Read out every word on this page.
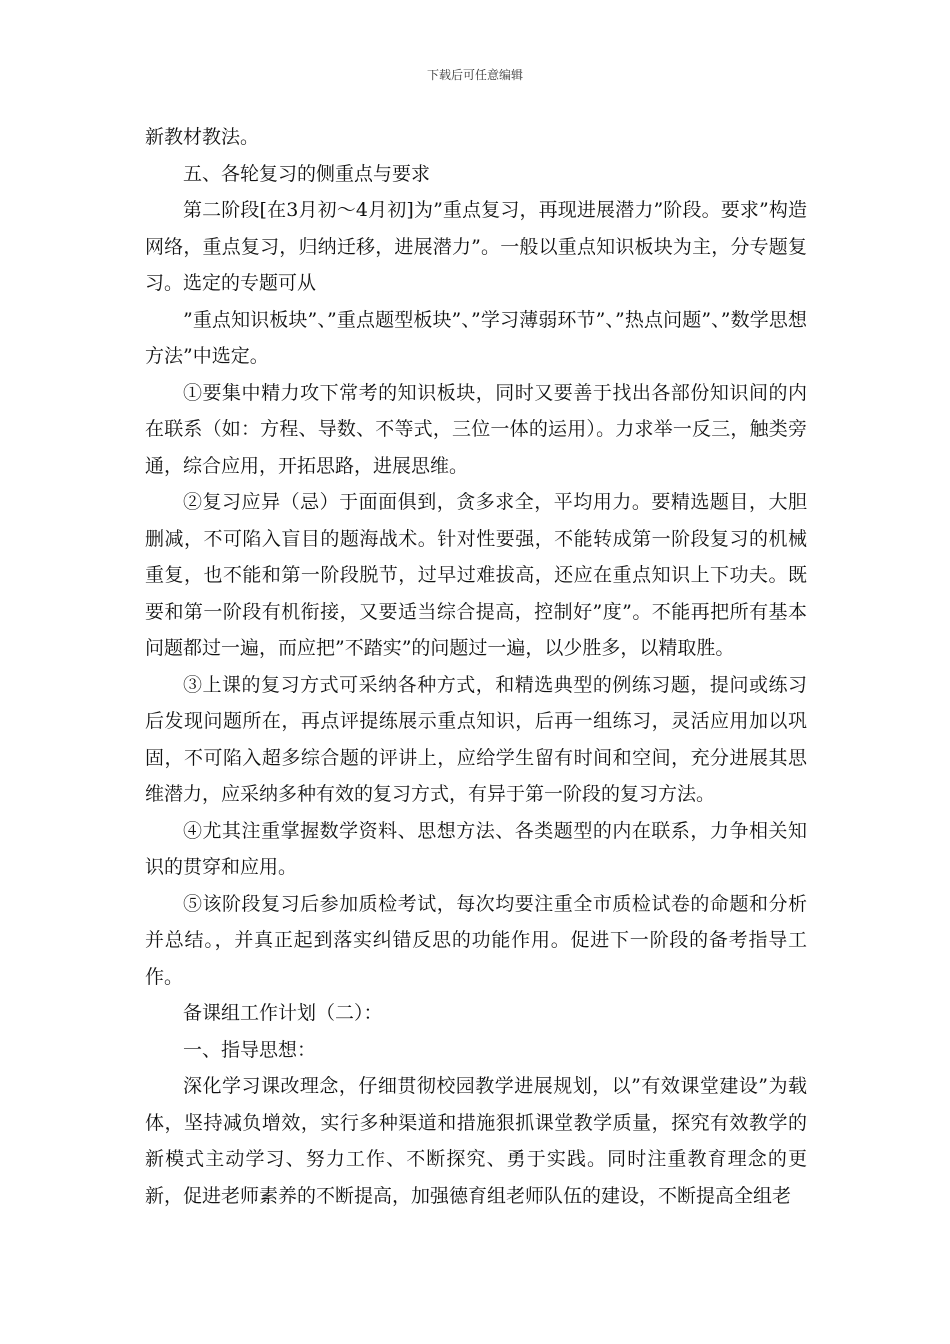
下载后可任意编辑

新教材教法。

五、各轮复习的侧重点与要求

第二阶段[在3月初～4月初]为”重点复习，再现进展潜力”阶段。要求”构造网络，重点复习，归纳迁移，进展潜力”。一般以重点知识板块为主，分专题复习。选定的专题可从

”重点知识板块”、”重点题型板块”、”学习薄弱环节”、”热点问题”、”数学思想方法”中选定。

①要集中精力攻下常考的知识板块，同时又要善于找出各部份知识间的内在联系（如：方程、导数、不等式，三位一体的运用）。力求举一反三，触类旁通，综合应用，开拓思路，进展思维。

②复习应异（忌）于面面俱到，贪多求全，平均用力。要精选题目，大胆删减，不可陷入盲目的题海战术。针对性要强，不能转成第一阶段复习的机械重复，也不能和第一阶段脱节，过早过难拔高，还应在重点知识上下功夫。既要和第一阶段有机衔接，又要适当综合提高，控制好”度”。不能再把所有基本问题都过一遍，而应把”不踏实”的问题过一遍，以少胜多，以精取胜。

③上课的复习方式可采纳各种方式，和精选典型的例练习题，提问或练习后发现问题所在，再点评提练展示重点知识，后再一组练习，灵活应用加以巩固，不可陷入超多综合题的评讲上，应给学生留有时间和空间，充分进展其思维潜力，应采纳多种有效的复习方式，有异于第一阶段的复习方法。

④尤其注重掌握数学资料、思想方法、各类题型的内在联系，力争相关知识的贯穿和应用。

⑤该阶段复习后参加质检考试，每次均要注重全市质检试卷的命题和分析并总结。，并真正起到落实纠错反思的功能作用。促进下一阶段的备考指导工作。

备课组工作计划（二）：

一、指导思想：

深化学习课改理念，仔细贯彻校园教学进展规划，以”有效课堂建设”为载体，坚持减负增效，实行多种渠道和措施狠抓课堂教学质量，探究有效教学的新模式主动学习、努力工作、不断探究、勇于实践。同时注重教育理念的更新，促进老师素养的不断提高，加强德育组老师队伍的建设，不断提高全组老
